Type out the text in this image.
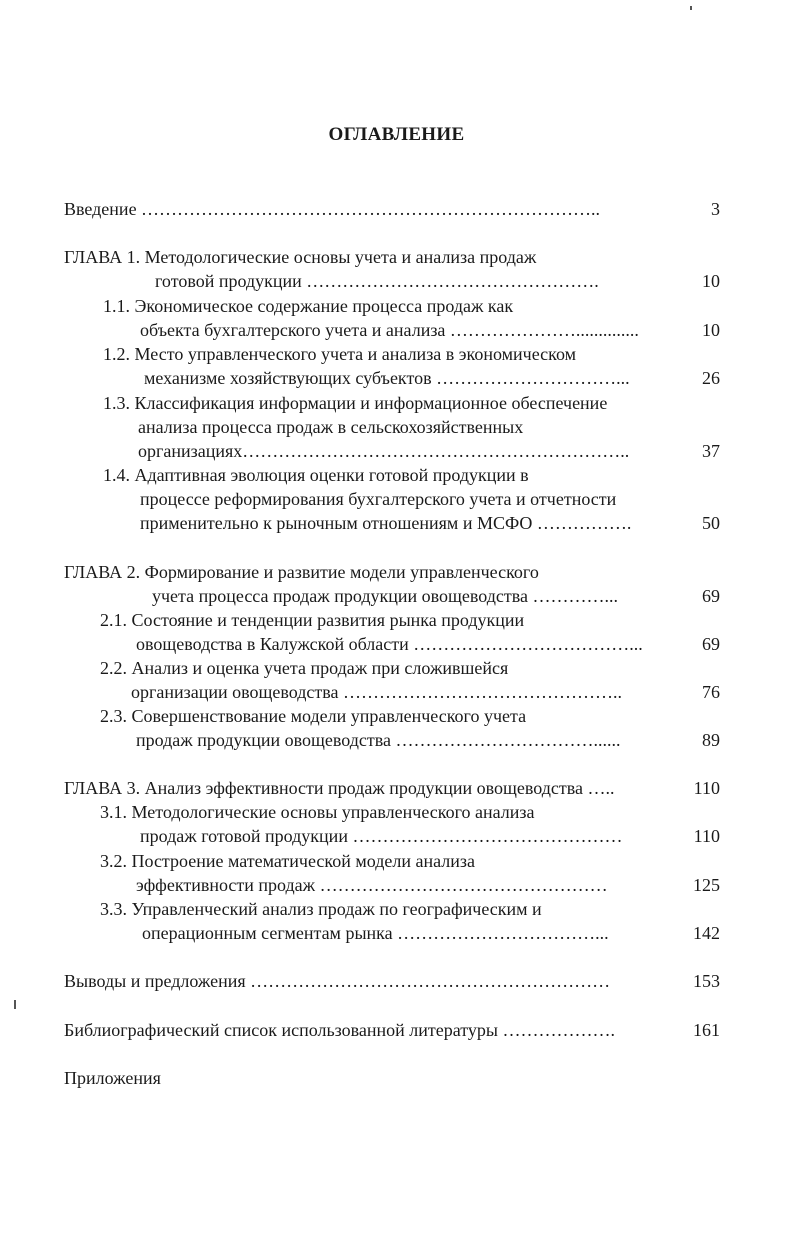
ОГЛАВЛЕНИЕ
Введение …………………………………………………………………..	3
ГЛАВА 1. Методологические основы учета и анализа продаж
готовой продукции ………………………………………….	10
1.1. Экономическое содержание процесса продаж как
объекта бухгалтерского учета и анализа …………………..............	10
1.2. Место управленческого учета и анализа в экономическом
механизме хозяйствующих субъектов …………………………...	26
1.3. Классификация информации и информационное обеспечение
анализа процесса продаж в сельскохозяйственных
организациях………………………………………………………..	37
1.4. Адаптивная эволюция оценки готовой продукции в
процессе реформирования бухгалтерского учета и отчетности
применительно к рыночным отношениям и МСФО …………….	50
ГЛАВА 2. Формирование и развитие модели управленческого
учета процесса продаж продукции овощеводства …………...	69
2.1. Состояние и тенденции развития рынка продукции
овощеводства в Калужской области ………………………………...	69
2.2. Анализ и оценка учета продаж при сложившейся
организации овощеводства ………………………………………..	76
2.3. Совершенствование модели управленческого учета
продаж продукции овощеводства ……………………………......	89
ГЛАВА 3. Анализ эффективности продаж продукции овощеводства …..	110
3.1. Методологические основы управленческого анализа
продаж готовой продукции ………………………………………	110
3.2. Построение математической модели анализа
эффективности продаж …………………………………………	125
3.3. Управленческий анализ продаж по географическим и
операционным сегментам рынка ……………………………...	142
Выводы и предложения ……………………………………………………	153
Библиографический список использованной литературы ……………….	161
Приложения
